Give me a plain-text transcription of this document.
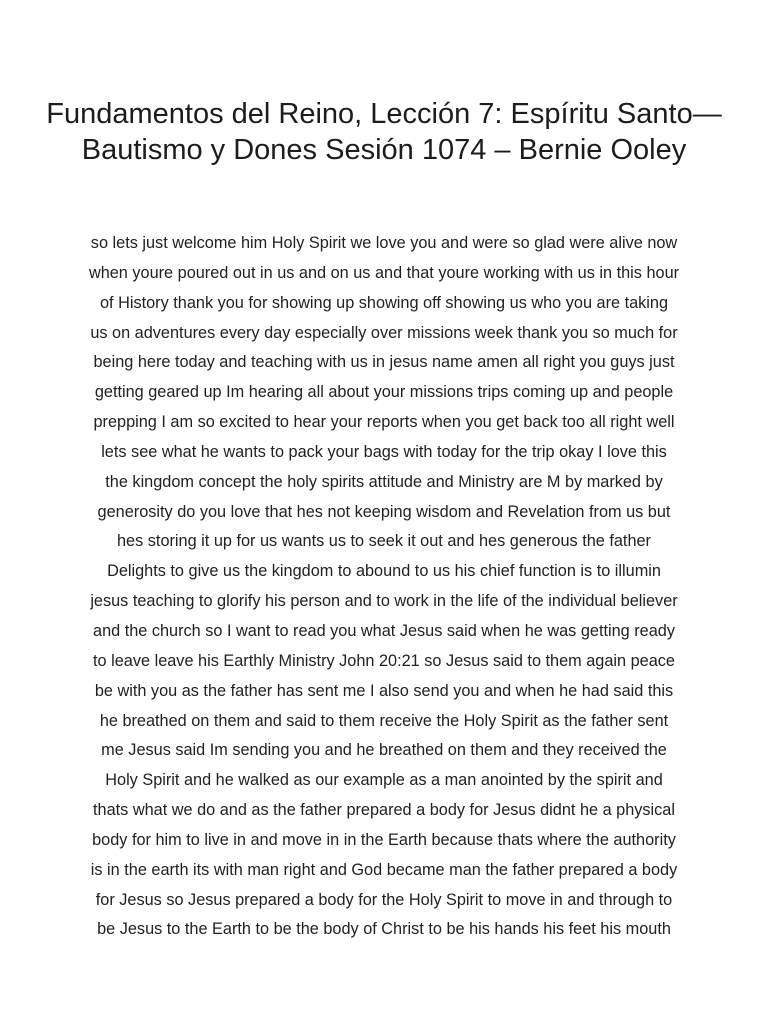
Fundamentos del Reino, Lección 7: Espíritu Santo—Bautismo y Dones Sesión 1074 – Bernie Ooley

so lets just welcome him Holy Spirit we love you and were so glad were alive now
when youre poured out in us and on us and that youre working with us in this hour
of History thank you for showing up showing off showing us who you are taking
us on adventures every day especially over missions week thank you so much for
being here today and teaching with us in jesus name amen all right you guys just
getting geared up Im hearing all about your missions trips coming up and people
prepping I am so excited to hear your reports when you get back too all right well
lets see what he wants to pack your bags with today for the trip okay I love this
the kingdom concept the holy spirits attitude and Ministry are M by marked by
generosity do you love that hes not keeping wisdom and Revelation from us but
hes storing it up for us wants us to seek it out and hes generous the father
Delights to give us the kingdom to abound to us his chief function is to illumin
jesus teaching to glorify his person and to work in the life of the individual believer
and the church so I want to read you what Jesus said when he was getting ready
to leave leave his Earthly Ministry John 20:21 so Jesus said to them again peace
be with you as the father has sent me I also send you and when he had said this
he breathed on them and said to them receive the Holy Spirit as the father sent
me Jesus said Im sending you and he breathed on them and they received the
Holy Spirit and he walked as our example as a man anointed by the spirit and
thats what we do and as the father prepared a body for Jesus didnt he a physical
body for him to live in and move in in the Earth because thats where the authority
is in the earth its with man right and God became man the father prepared a body
for Jesus so Jesus prepared a body for the Holy Spirit to move in and through to
be Jesus to the Earth to be the body of Christ to be his hands his feet his mouth
